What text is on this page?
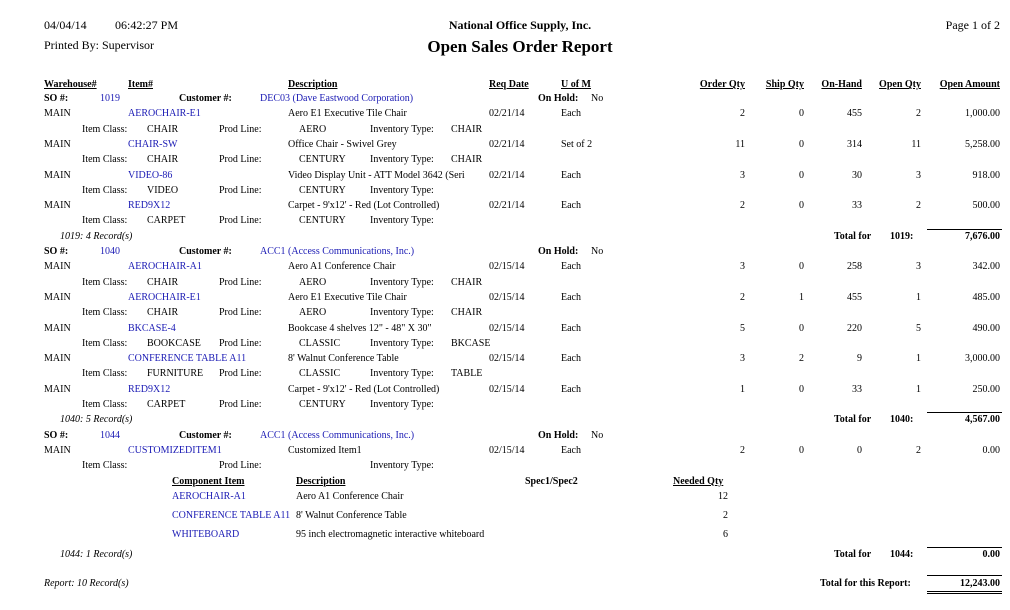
04/04/14 06:42:27 PM
Printed By: Supervisor
National Office Supply, Inc.
Open Sales Order Report
Page 1 of 2
Warehouse#	Item#	Description	Req Date	U of M	Order Qty	Ship Qty	On-Hand	Open Qty	Open Amount
SO #:	1019	Customer #:	DEC03 (Dave Eastwood Corporation)	On Hold: No
MAIN	AEROCHAIR-E1	Aero E1 Executive Tile Chair	02/21/14	Each	2	0	455	2	1,000.00
Item Class: CHAIR	Prod Line:	AERO	Inventory Type: CHAIR
MAIN	CHAIR-SW	Office Chair - Swivel Grey	02/21/14	Set of 2	11	0	314	11	5,258.00
Item Class: CHAIR	Prod Line:	CENTURY Inventory Type: CHAIR
MAIN	VIDEO-86	Video Display Unit - ATT Model 3642 (Seri 02/21/14	Each	3	0	30	3	918.00
Item Class: VIDEO	Prod Line:	CENTURY Inventory Type:
MAIN	RED9X12	Carpet - 9'x12' - Red (Lot Controlled)	02/21/14	Each	2	0	33	2	500.00
Item Class: CARPET	Prod Line:	CENTURY Inventory Type:
1019: 4 Record(s)	Total for 1019:	7,676.00
SO #:	1040	Customer #:	ACC1 (Access Communications, Inc.)	On Hold: No
MAIN	AEROCHAIR-A1	Aero A1 Conference Chair	02/15/14	Each	3	0	258	3	342.00
Item Class: CHAIR	Prod Line:	AERO	Inventory Type: CHAIR
MAIN	AEROCHAIR-E1	Aero E1 Executive Tile Chair	02/15/14	Each	2	1	455	1	485.00
Item Class: CHAIR	Prod Line:	AERO	Inventory Type: CHAIR
MAIN	BKCASE-4	Bookcase 4 shelves 12" - 48" X 30"	02/15/14	Each	5	0	220	5	490.00
Item Class: BOOKCASE Prod Line:	CLASSIC	Inventory Type: BKCASE
MAIN	CONFERENCE TABLE A11	8' Walnut Conference Table	02/15/14	Each	3	2	9	1	3,000.00
Item Class: FURNITURE Prod Line:	CLASSIC	Inventory Type: TABLE
MAIN	RED9X12	Carpet - 9'x12' - Red (Lot Controlled)	02/15/14	Each	1	0	33	1	250.00
Item Class: CARPET	Prod Line:	CENTURY Inventory Type:
1040: 5 Record(s)	Total for 1040:	4,567.00
SO #:	1044	Customer #:	ACC1 (Access Communications, Inc.)	On Hold: No
MAIN	CUSTOMIZEDITEM1	Customized Item1	02/15/14	Each	2	0	0	2	0.00
Item Class:	Prod Line:	Inventory Type:
Component Item	Description	Spec1/Spec2	Needed Qty
AEROCHAIR-A1	Aero A1 Conference Chair	12
CONFERENCE TABLE A11 8' Walnut Conference Table	2
WHITEBOARD	95 inch electromagnetic interactive whiteboard	6
1044: 1 Record(s)	Total for 1044:	0.00
Report: 10 Record(s)	Total for this Report:	12,243.00
